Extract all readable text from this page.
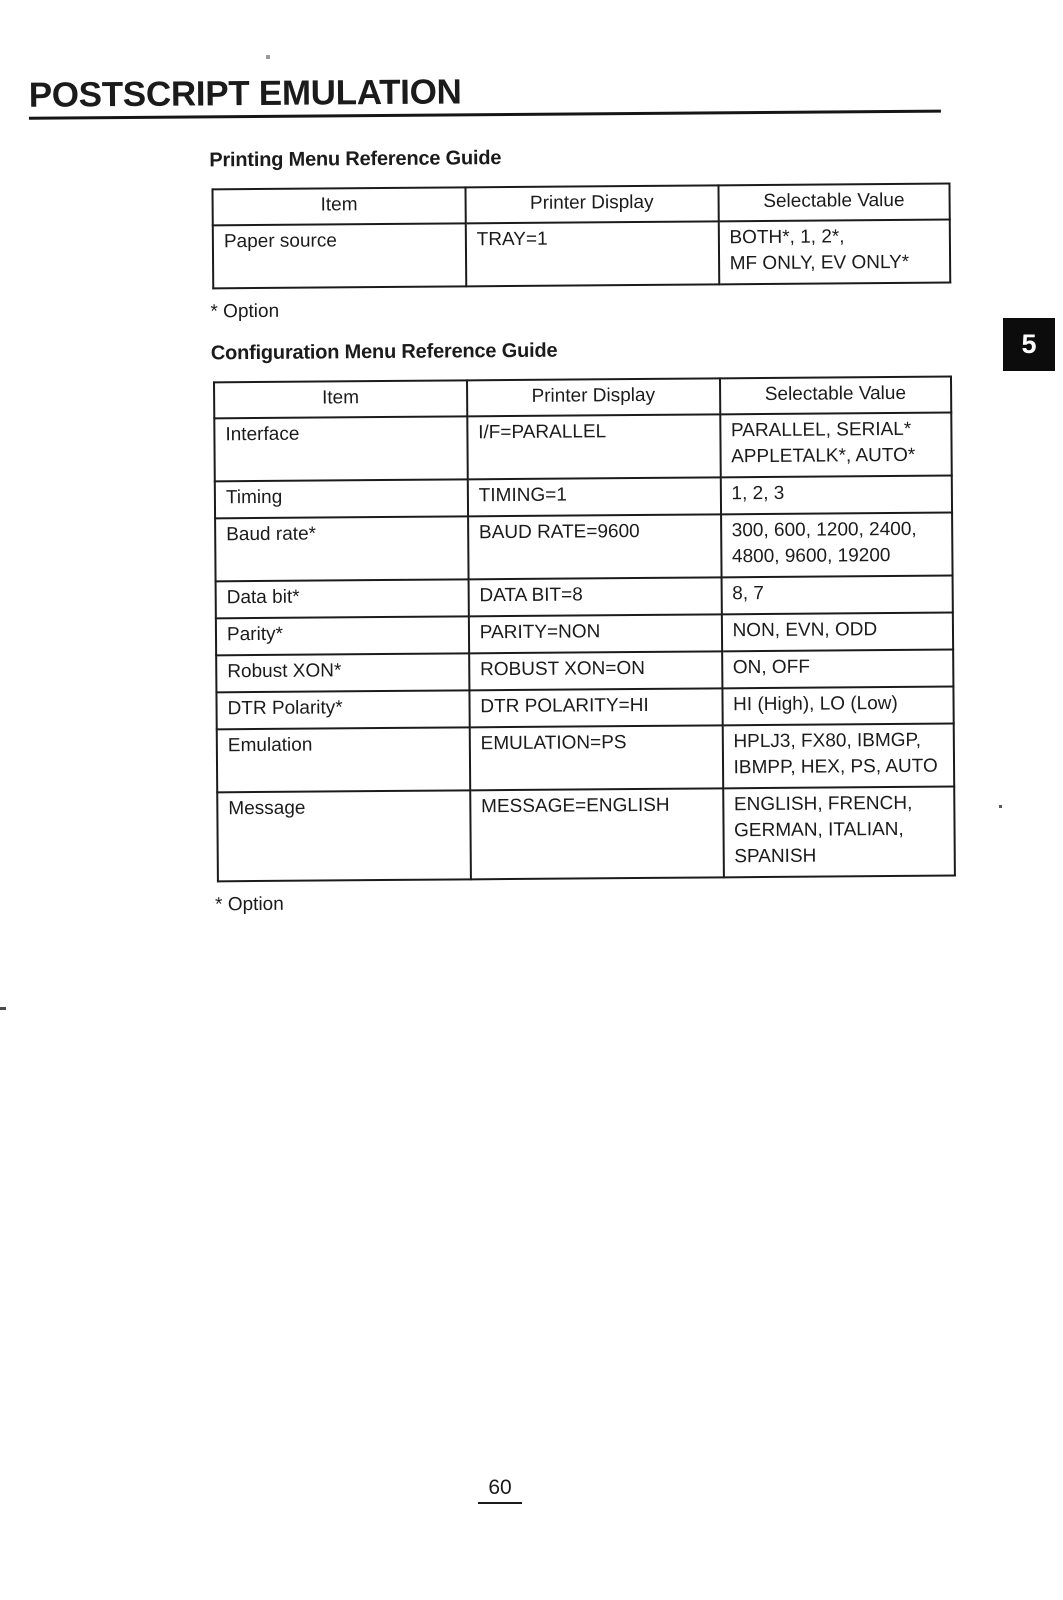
POSTSCRIPT EMULATION
Printing Menu Reference Guide
Item	Printer Display	Selectable Value
Paper source	TRAY=1	BOTH*, 1, 2*,
MF ONLY, EV ONLY*

* Option

Configuration Menu Reference Guide
Item	Printer Display	Selectable Value
Interface	I/F=PARALLEL	PARALLEL, SERIAL*
APPLETALK*, AUTO*
Timing	TIMING=1	1, 2, 3
Baud rate*	BAUD RATE=9600	300, 600, 1200, 2400,
4800, 9600, 19200
Data bit*	DATA BIT=8	8, 7
Parity*	PARITY=NON	NON, EVN, ODD
Robust XON*	ROBUST XON=ON	ON, OFF
DTR Polarity*	DTR POLARITY=HI	HI (High), LO (Low)
Emulation	EMULATION=PS	HPLJ3, FX80, IBMGP,
IBMPP, HEX, PS, AUTO
Message	MESSAGE=ENGLISH	ENGLISH, FRENCH,
GERMAN, ITALIAN,
SPANISH

* Option

5
60
